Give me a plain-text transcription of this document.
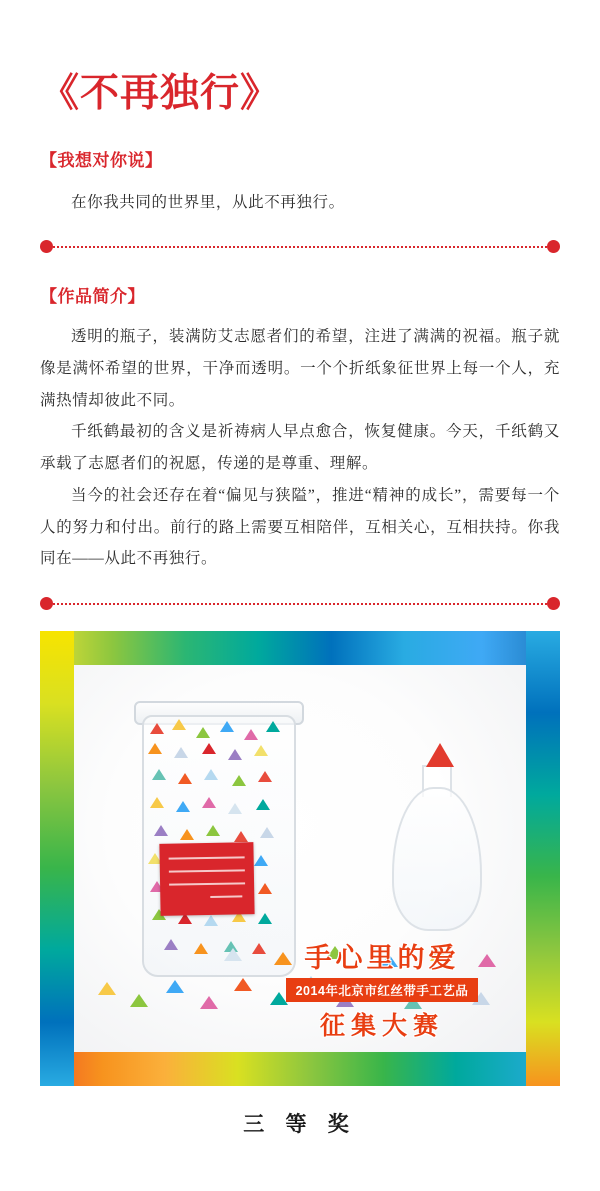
《不再独行》
【我想对你说】
在你我共同的世界里，从此不再独行。
【作品简介】

透明的瓶子，装满防艾志愿者们的希望，注进了满满的祝福。瓶子就像是满怀希望的世界，干净而透明。一个个折纸象征世界上每一个人，充满热情却彼此不同。

千纸鹤最初的含义是祈祷病人早点愈合，恢复健康。今天，千纸鹤又承载了志愿者们的祝愿，传递的是尊重、理解。

当今的社会还存在着“偏见与狭隘”，推进“精神的成长”，需要每一个人的努力和付出。前行的路上需要互相陪伴，互相关心，互相扶持。你我同在——从此不再独行。

手心里的爱
2014年北京市红丝带手工艺品
征集大赛
三 等 奖
